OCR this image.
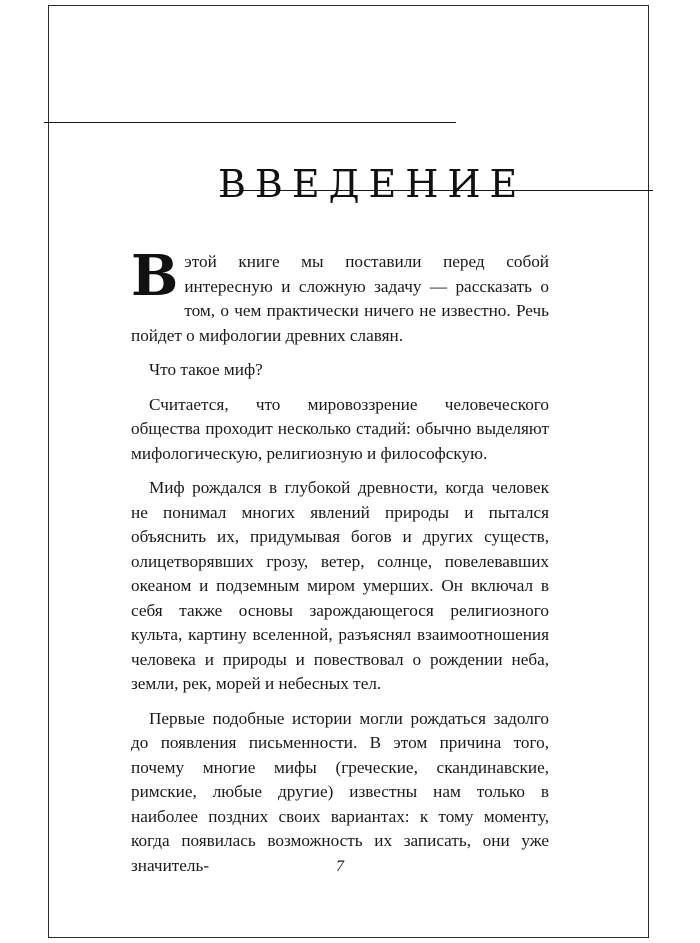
ВВЕДЕНИЕ

Вэтой книге мы поставили перед собой интересную и сложную задачу — рассказать о том, о чем практически ничего не известно. Речь пойдет о мифологии древних славян.

Что такое миф?

Считается, что мировоззрение человеческого общества проходит несколько стадий: обычно выделяют мифологическую, религиозную и философскую.

Миф рождался в глубокой древности, когда человек не понимал многих явлений природы и пытался объяснить их, придумывая богов и других существ, олицетворявших грозу, ветер, солнце, повелевавших океаном и подземным миром умерших. Он включал в себя также основы зарождающегося религиозного культа, картину вселенной, разъяснял взаимоотношения человека и природы и повествовал о рождении неба, земли, рек, морей и небесных тел.

Первые подобные истории могли рождаться задолго до появления письменности. В этом причина того, почему многие мифы (греческие, скандинавские, римские, любые другие) известны нам только в наиболее поздних своих вариантах: к тому моменту, когда появилась возможность их записать, они уже значитель-	7
